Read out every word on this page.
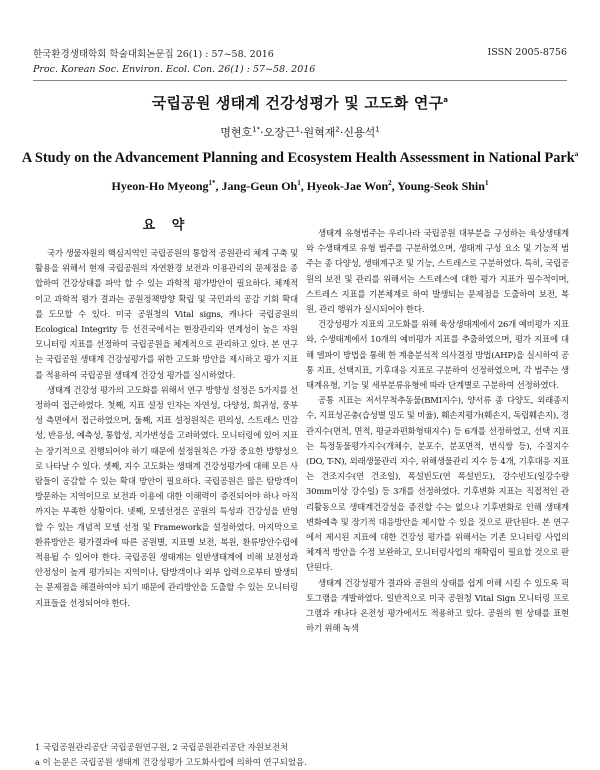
한국환경생태학회 학술대회논문집 26(1) : 57~58. 2016
Proc. Korean Soc. Environ. Ecol. Con. 26(1) : 57~58. 2016
ISSN 2005-8756
국립공원 생태계 건강성평가 및 고도화 연구$^a$
명현호$^{1*}$·오장근$^1$·원혁재$^2$·신용석$^1$
A Study on the Advancement Planning and Ecosystem Health Assessment in National Park$^a$
Hyeon-Ho Myeong$^{1*}$, Jang-Geun Oh$^1$, Hyeok-Jae Won$^2$, Young-Seok Shin$^1$
요 약

국가 생물자원의 핵심지역인 국립공원의 통합적 공원관리 체계 구축 및 활용을 위해서 현재 국립공원의 자연환경 보전과 이용관리의 문제점을 종합하여 건강상태를 파악 할 수 있는 과학적 평가방안이 필요하다. 체계적이고 과학적 평가 결과는 공원정책방향 확립 및 국민과의 공감 기회 확대를 도모할 수 있다. 미국 공원청의 Vital signs, 캐나다 국립공원의 Ecological Integrity 등 선진국에서는 현장관리와 연계성이 높은 자원 모니터링 지표를 선정하여 국립공원을 체계적으로 관리하고 있다. 본 연구는 국립공원 생태계 건강성평가를 위한 고도화 방안을 제시하고 평가 지표를 적용하여 국립공원 생태계 건강성 평가를 실시하였다.

생태계 건강성 평가의 고도화를 위해서 연구 방향성 설정은 5가지를 선정하여 접근하였다. 첫째, 지표 설정 인자는 자연성, 다양성, 희귀성, 풍부성 측면에서 접근하였으며, 둘째, 지표 설정원칙은 편의성, 스트레스 민감성, 반응성, 예측성, 통합성, 지가변성을 고려하였다. 모니터링에 있어 지표는 장기적으로 진행되어야 하기 때문에 설정원칙은 가장 중요한 방향성으로 나타날 수 있다. 셋째, 지수 고도화는 생태계 건강성평가에 대해 모든 사람들이 공감할 수 있는 확대 방안이 필요하다. 국립공원은 많은 탐방객이 방문하는 지역이므로 보전과 이용에 대한 이해력이 증진되어야 하나 아직까지는 부족한 상황이다. 넷째, 모델선정은 공원의 특성과 건강성을 반영 할 수 있는 개념적 모델 선정 및 Framework을 설정하였다. 마지막으로 환류방안은 평가결과에 따른 공원별, 지표별 보전, 복원, 환류방안수립에 적용될 수 있어야 한다. 국립공원 생태계는 일반생태계에 비해 보전성과 안정성이 높게 평가되는 지역이나, 탐방객이나 외부 압력으로부터 발생되는 문제점을 해결하여야 되기 때문에 관리방안을 도출할 수 있는 모니터링 지표들을 선정되어야 한다.

생태계 유형범주는 우리나라 국립공원 대부분을 구성하는 육상생태계와 수생태계로 유형 범주를 구분하였으며, 생태계 구성 요소 및 기능적 범주는 종 다양성, 생태계구조 및 기능, 스트레스로 구분하였다. 특히, 국립공원의 보전 및 관리를 위해서는 스트레스에 대한 평가 지표가 필수적이며, 스트레스 지표를 기본체계로 하여 발생되는 문제점을 도출하여 보전, 복원, 관리 행위가 실시되어야 한다.

건강성평가 지표의 고도화를 위해 육상생태계에서 26개 예비평가 지표와, 수생태계에서 10개의 예비평가 지표를 추출하였으며, 평가 지표에 대해 델파이 방법을 통해 한 계층분석적 의사결정 방법(AHP)을 실시하여 공통 지표, 선택지표, 기후대응 지표로 구분하여 선정하였으며, 각 범주는 생태계유형, 기능 및 세부분류유형에 따라 단계별로 구분하여 선정하였다.

공통 지표는 저서무척추동물(BMI지수), 양서류 종 다양도, 외래종지수, 지표성곤충(습성별 밀도 및 비율), 훼손지평가(훼손지, 독립훼손지), 경관지수(면적, 면적, 평균과편화형태지수) 등 6개를 선정하였고, 선택 지표는 특정동물평가지수(개체수, 분포수, 분포면적, 번식쌍 등), 수질지수(DO, T-N), 외래생물관리 지수, 위해생물관리 지수 등 4개, 기후대응 지표는 건조지수(연 건조일), 폭설빈도(연 폭설빈도), 강수빈도(일강수량 30mm이상 강수일) 등 3개를 선정하였다. 기후변화 지표는 직접적인 관리활동으로 생태계건강성을 증진할 수는 없으나 기후변화로 인해 생태계변화예측 및 장기적 대응방안을 제시할 수 있을 것으로 판단된다. 본 연구에서 제시된 지표에 대한 건강성 평가를 위해서는 기존 모니터링 사업의 체계적 방안을 수정 보완하고, 모니터링사업의 재확립이 필요할 것으로 판단된다.

생태계 건강성평가 결과와 공원의 상태를 쉽게 이해 시킬 수 있도록 픽토그램을 개발하였다. 일반적으로 미국 공원청 Vital Sign 모니터링 프로그램과 캐나다 온전성 평가에서도 적용하고 있다. 공원의 현 상태를 표현하기 위해 녹색

1 국립공원관리공단 국립공원연구원, 2 국립공원관리공단 자원보전처
a 이 논문은 국립공원 생태계 건강성평가 고도화사업에 의하여 연구되었음.
